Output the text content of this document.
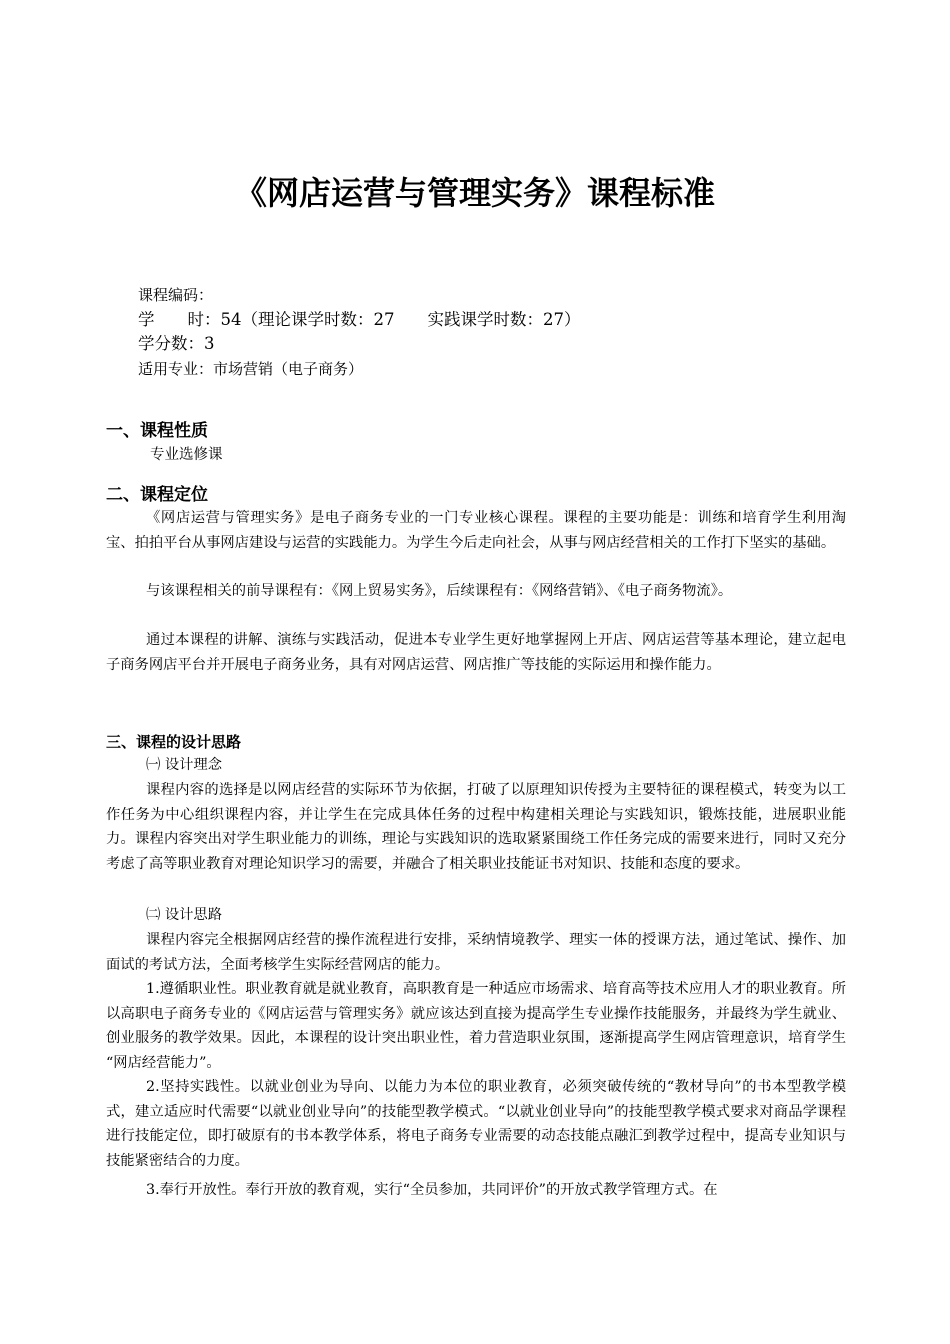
《网店运营与管理实务》课程标准
课程编码：
学　　时：54（理论课学时数：27　　实践课学时数：27）
学分数：3
适用专业：市场营销（电子商务）
一、课程性质
专业选修课
二、课程定位
《网店运营与管理实务》是电子商务专业的一门专业核心课程。课程的主要功能是：训练和培育学生利用淘宝、拍拍平台从事网店建设与运营的实践能力。为学生今后走向社会，从事与网店经营相关的工作打下坚实的基础。
与该课程相关的前导课程有：《网上贸易实务》，后续课程有：《网络营销》、《电子商务物流》。
通过本课程的讲解、演练与实践活动，促进本专业学生更好地掌握网上开店、网店运营等基本理论，建立起电子商务网店平台并开展电子商务业务，具有对网店运营、网店推广等技能的实际运用和操作能力。
三、课程的设计思路
㈠ 设计理念
课程内容的选择是以网店经营的实际环节为依据，打破了以原理知识传授为主要特征的课程模式，转变为以工作任务为中心组织课程内容，并让学生在完成具体任务的过程中构建相关理论与实践知识，锻炼技能，进展职业能力。课程内容突出对学生职业能力的训练，理论与实践知识的选取紧紧围绕工作任务完成的需要来进行，同时又充分考虑了高等职业教育对理论知识学习的需要，并融合了相关职业技能证书对知识、技能和态度的要求。
㈡ 设计思路
课程内容完全根据网店经营的操作流程进行安排，采纳情境教学、理实一体的授课方法，通过笔试、操作、加面试的考试方法，全面考核学生实际经营网店的能力。
1.遵循职业性。职业教育就是就业教育，高职教育是一种适应市场需求、培育高等技术应用人才的职业教育。所以高职电子商务专业的《网店运营与管理实务》就应该达到直接为提高学生专业操作技能服务，并最终为学生就业、创业服务的教学效果。因此，本课程的设计突出职业性，着力营造职业氛围，逐渐提高学生网店管理意识，培育学生 “网店经营能力”。
2.坚持实践性。以就业创业为导向、以能力为本位的职业教育，必须突破传统的“教材导向”的书本型教学模式，建立适应时代需要“以就业创业导向”的技能型教学模式。“以就业创业导向”的技能型教学模式要求对商品学课程进行技能定位，即打破原有的书本教学体系，将电子商务专业需要的动态技能点融汇到教学过程中，提高专业知识与技能紧密结合的力度。
3.奉行开放性。奉行开放的教育观，实行“全员参加，共同评价”的开放式教学管理方式。在
